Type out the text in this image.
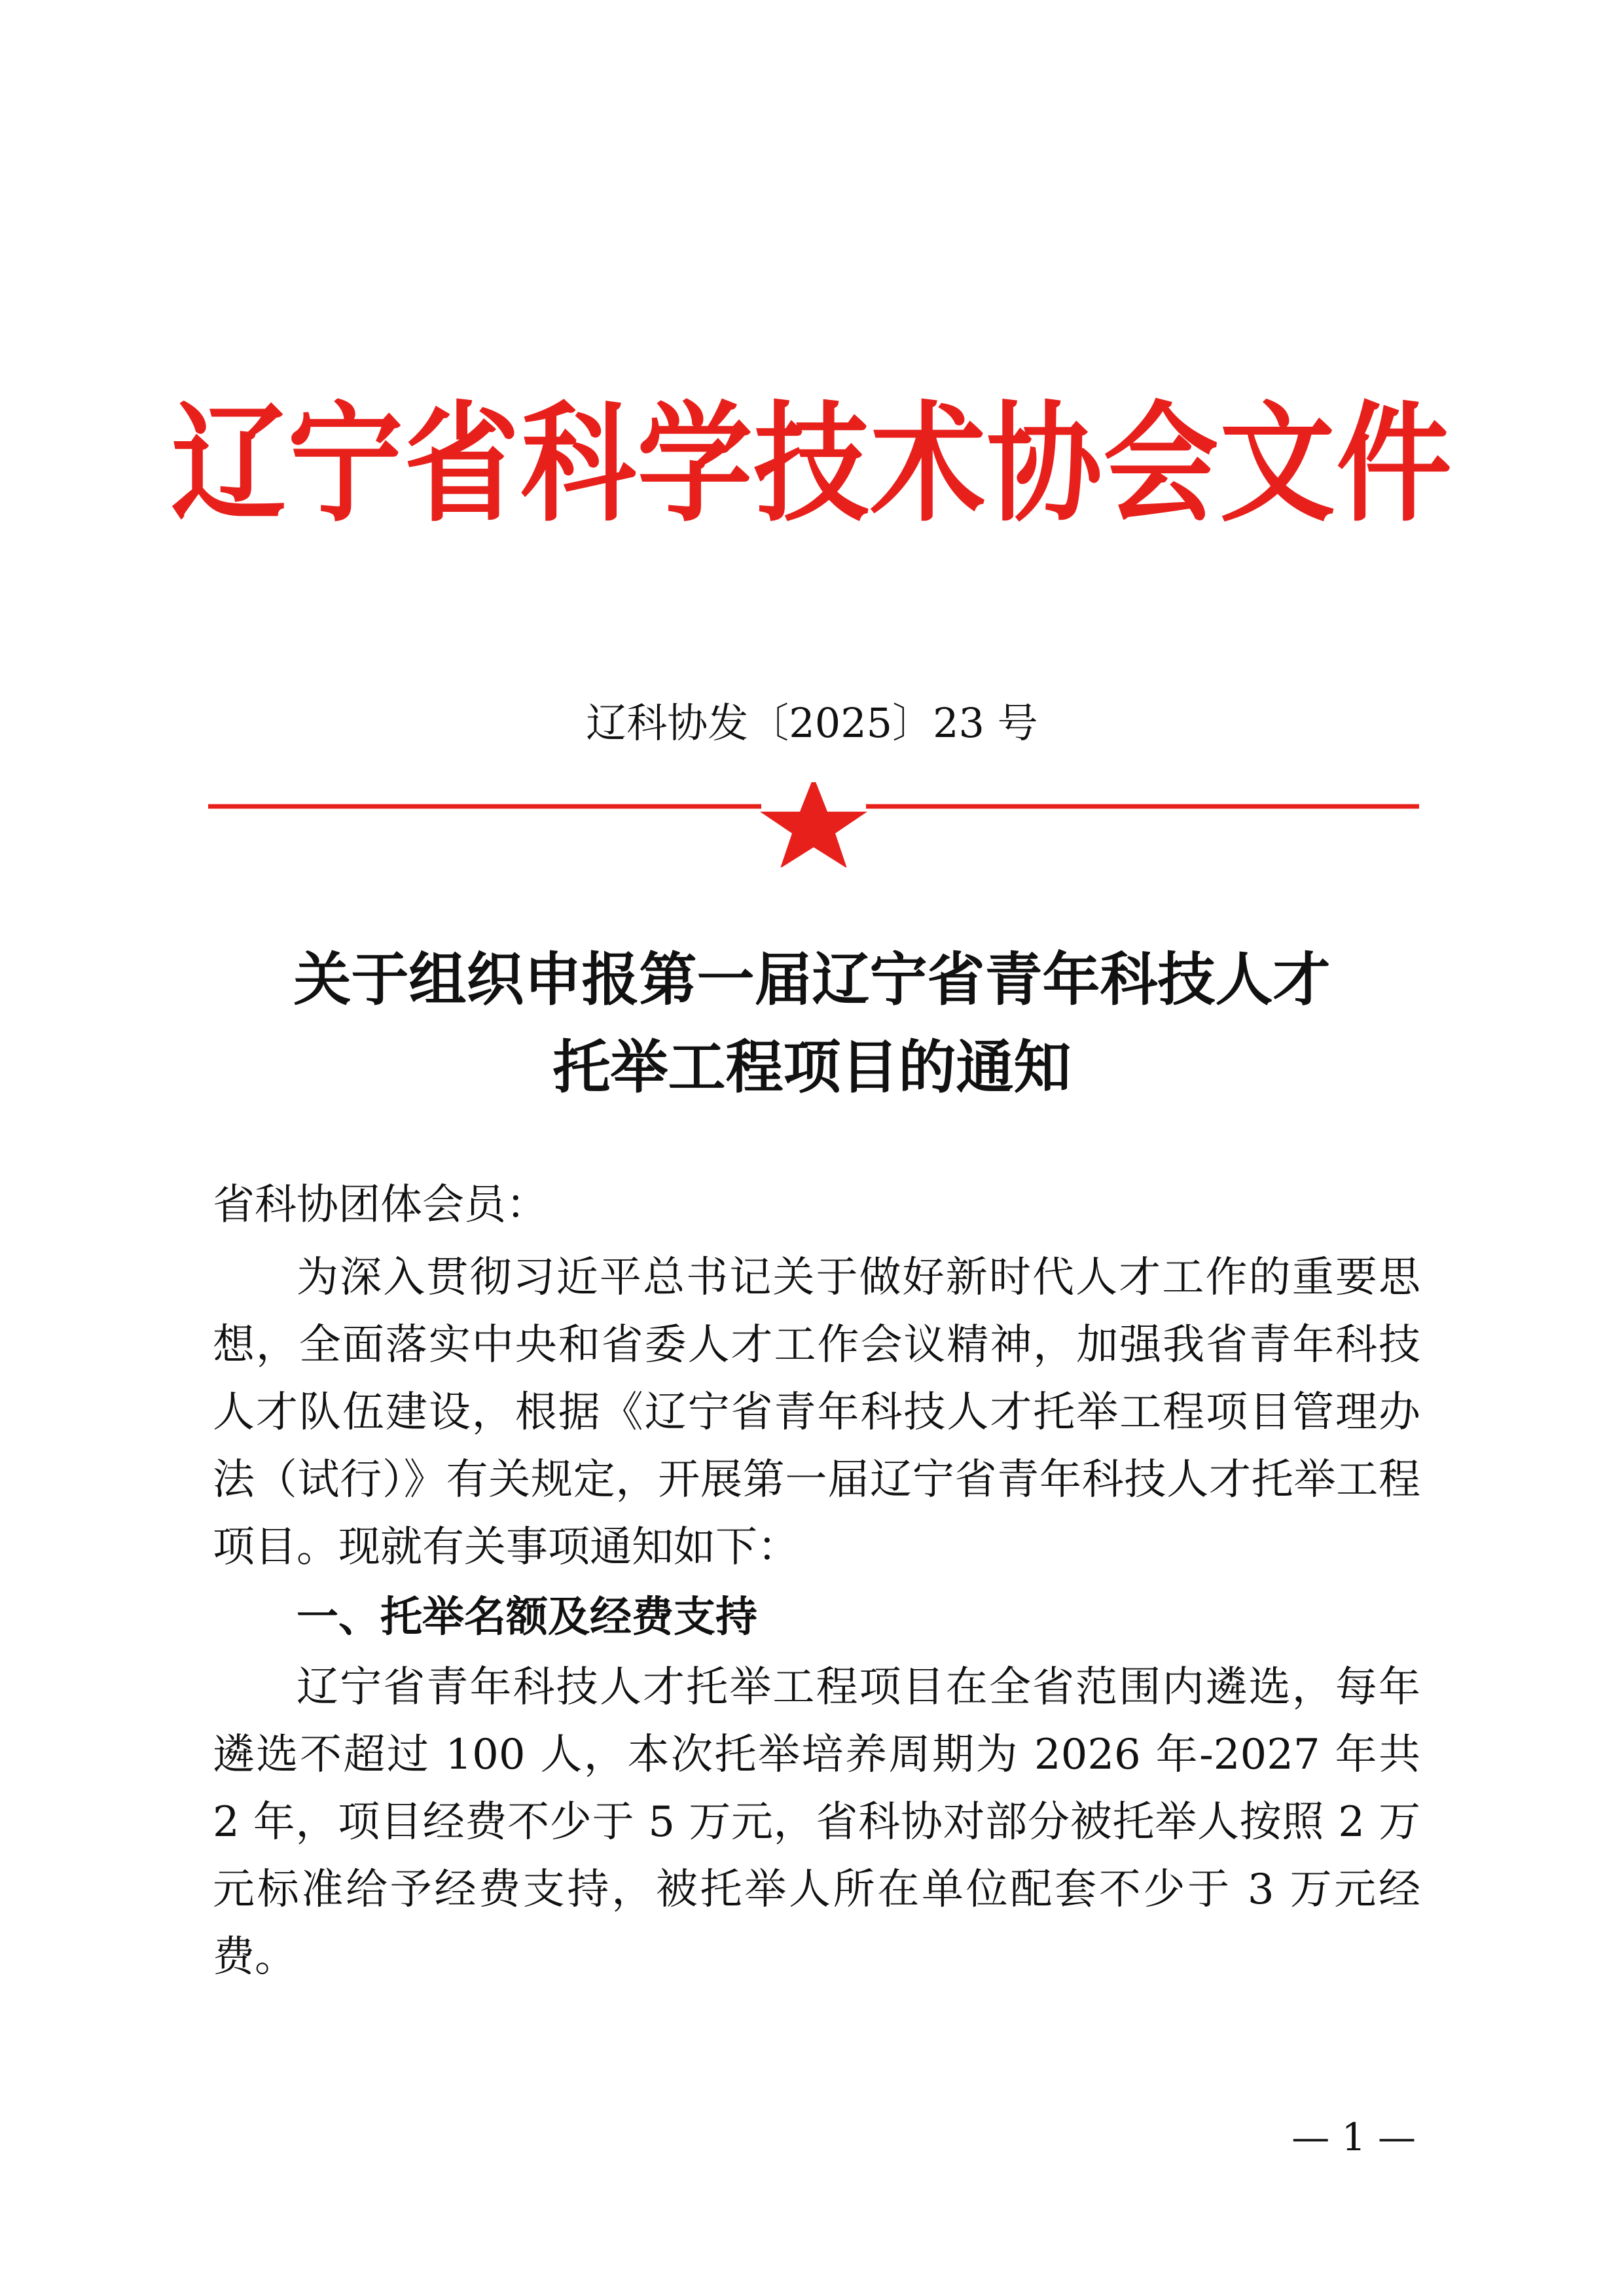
辽宁省科学技术协会文件
辽科协发〔2025〕23 号
关于组织申报第一届辽宁省青年科技人才
托举工程项目的通知

省科协团体会员：

为深入贯彻习近平总书记关于做好新时代人才工作的重要思想，全面落实中央和省委人才工作会议精神，加强我省青年科技人才队伍建设，根据《辽宁省青年科技人才托举工程项目管理办法（试行）》有关规定，开展第一届辽宁省青年科技人才托举工程项目。现就有关事项通知如下：

一、托举名额及经费支持

辽宁省青年科技人才托举工程项目在全省范围内遴选，每年遴选不超过 100 人，本次托举培养周期为 2026 年-2027 年共 2 年，项目经费不少于 5 万元，省科协对部分被托举人按照 2 万元标准给予经费支持，被托举人所在单位配套不少于 3 万元经费。

— 1 —
